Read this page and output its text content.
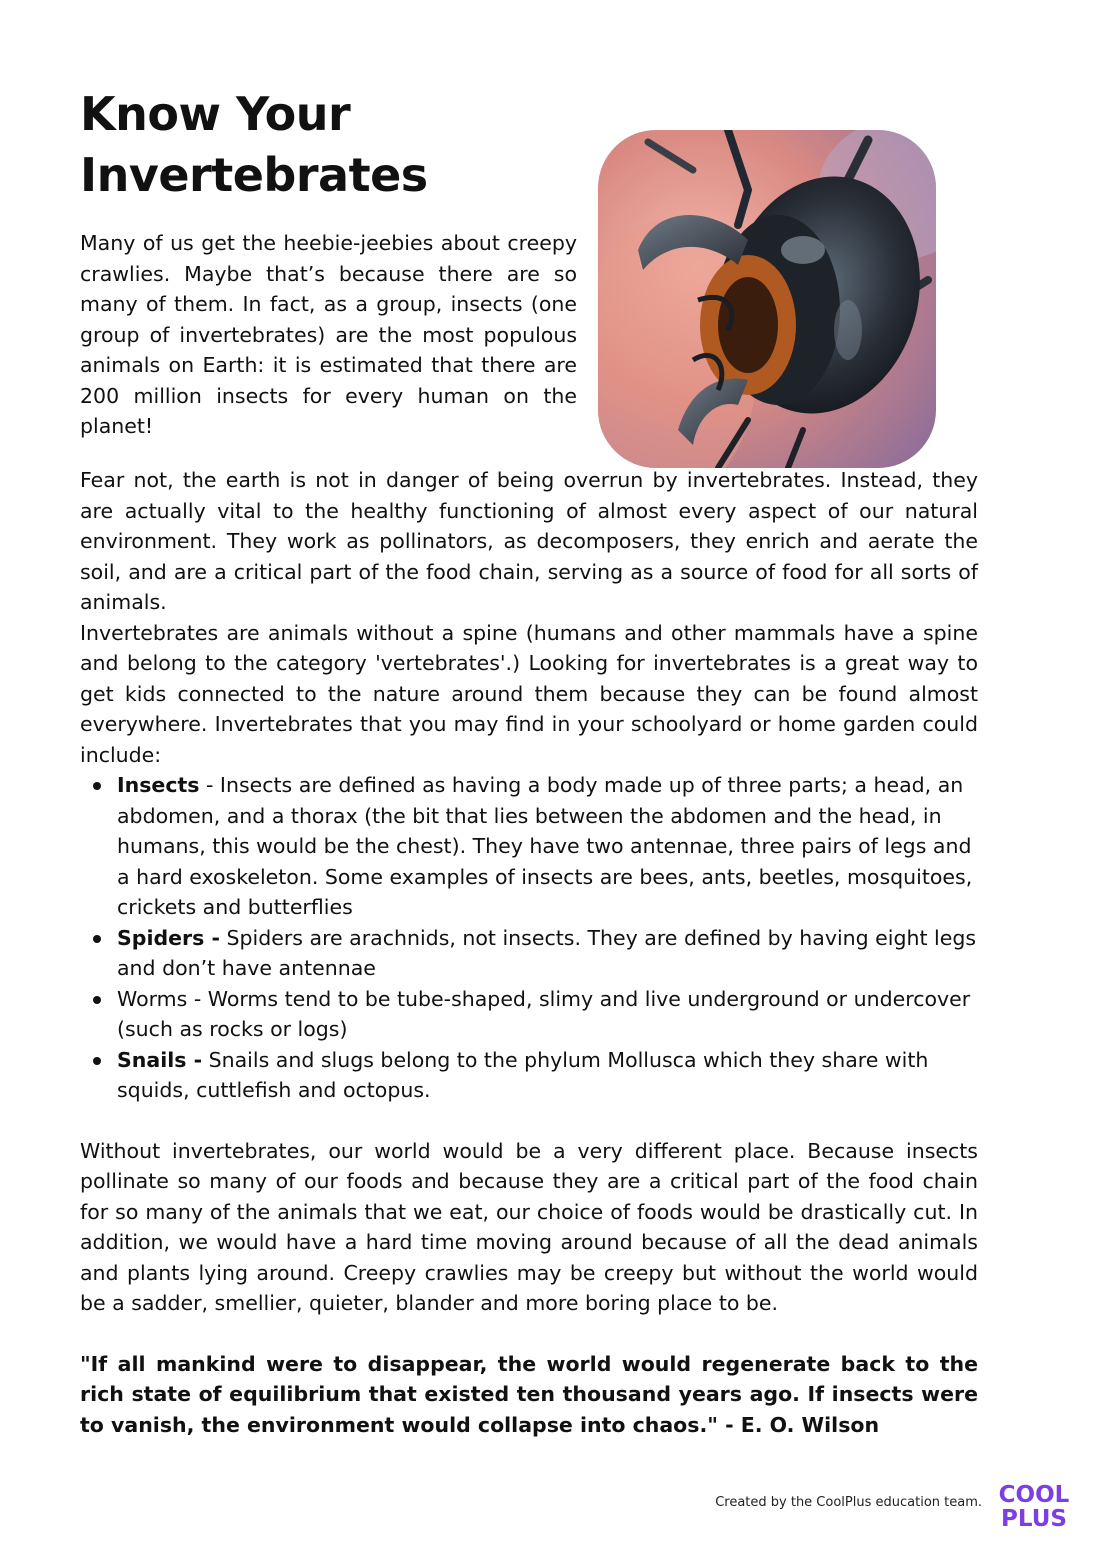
Know Your
Invertebrates

Many of us get the heebie-jeebies about creepy crawlies. Maybe that’s because there are so many of them. In fact, as a group, insects (one group of invertebrates) are the most populous animals on Earth: it is estimated that there are 200 million insects for every human on the planet!

Fear not, the earth is not in danger of being overrun by invertebrates. Instead, they are actually vital to the healthy functioning of almost every aspect of our natural environment. They work as pollinators, as decomposers, they enrich and aerate the soil, and are a critical part of the food chain, serving as a source of food for all sorts of animals.

Invertebrates are animals without a spine (humans and other mammals have a spine and belong to the category 'vertebrates'.) Looking for invertebrates is a great way to get kids connected to the nature around them because they can be found almost everywhere. Invertebrates that you may find in your schoolyard or home garden could include:

Insects - Insects are defined as having a body made up of three parts; a head, an abdomen, and a thorax (the bit that lies between the abdomen and the head, in humans, this would be the chest). They have two antennae, three pairs of legs and a hard exoskeleton. Some examples of insects are bees, ants, beetles, mosquitoes, crickets and butterflies
Spiders - Spiders are arachnids, not insects. They are defined by having eight legs and don’t have antennae
Worms - Worms tend to be tube-shaped, slimy and live underground or undercover (such as rocks or logs)
Snails - Snails and slugs belong to the phylum Mollusca which they share with squids, cuttlefish and octopus.

Without invertebrates, our world would be a very different place. Because insects pollinate so many of our foods and because they are a critical part of the food chain for so many of the animals that we eat, our choice of foods would be drastically cut. In addition, we would have a hard time moving around because of all the dead animals and plants lying around. Creepy crawlies may be creepy but without the world would be a sadder, smellier, quieter, blander and more boring place to be.

"If all mankind were to disappear, the world would regenerate back to the rich state of equilibrium that existed ten thousand years ago. If insects were to vanish, the environment would collapse into chaos." - E. O. Wilson

Created by the CoolPlus education team. COOL
PLUS
